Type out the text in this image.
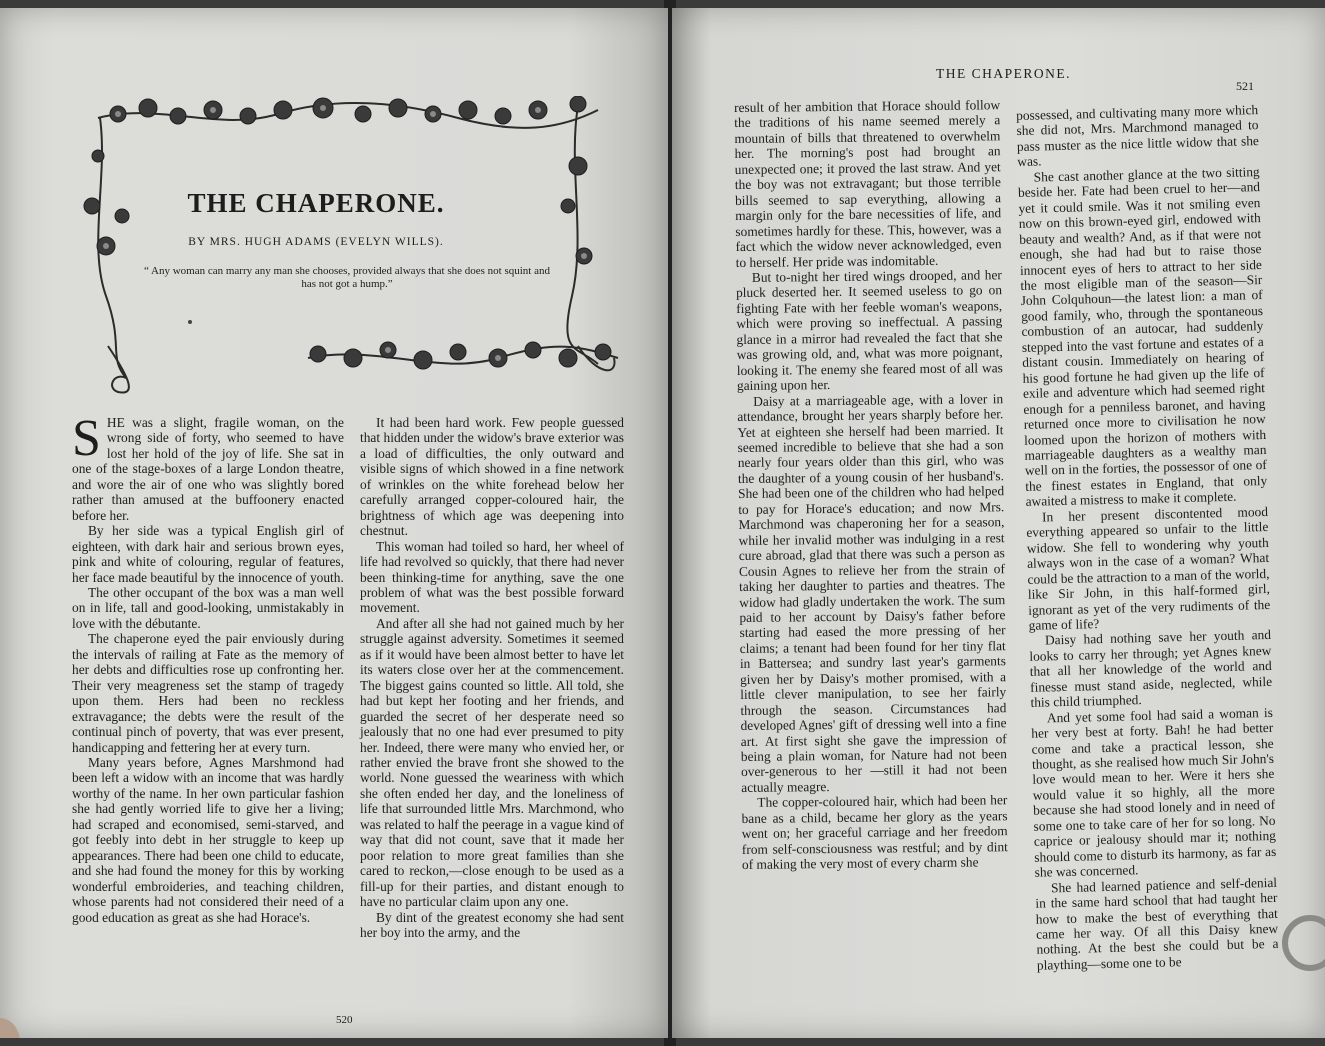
THE CHAPERONE.

BY MRS. HUGH ADAMS (EVELYN WILLS).

“ Any woman can marry any man she chooses, provided always that she does not squint and has not got a hump.”

SHE was a slight, fragile woman, on the wrong side of forty, who seemed to have lost her hold of the joy of life. She sat in one of the stage-boxes of a large London theatre, and wore the air of one who was slightly bored rather than amused at the buffoonery enacted before her.

By her side was a typical English girl of eighteen, with dark hair and serious brown eyes, pink and white of colouring, regular of features, her face made beautiful by the innocence of youth.

The other occupant of the box was a man well on in life, tall and good-looking, unmistakably in love with the débutante.

The chaperone eyed the pair enviously during the intervals of railing at Fate as the memory of her debts and difficulties rose up confronting her. Their very meagreness set the stamp of tragedy upon them. Hers had been no reckless extravagance; the debts were the result of the continual pinch of poverty, that was ever present, handicapping and fettering her at every turn.

Many years before, Agnes Marshmond had been left a widow with an income that was hardly worthy of the name. In her own particular fashion she had gently worried life to give her a living; had scraped and economised, semi-starved, and got feebly into debt in her struggle to keep up appearances. There had been one child to educate, and she had found the money for this by working wonderful embroideries, and teaching children, whose parents had not considered their need of a good education as great as she had Horace's.

It had been hard work. Few people guessed that hidden under the widow's brave exterior was a load of difficulties, the only outward and visible signs of which showed in a fine network of wrinkles on the white forehead below her carefully arranged copper-coloured hair, the brightness of which age was deepening into chestnut.

This woman had toiled so hard, her wheel of life had revolved so quickly, that there had never been thinking-time for anything, save the one problem of what was the best possible forward movement.

And after all she had not gained much by her struggle against adversity. Sometimes it seemed as if it would have been almost better to have let its waters close over her at the commencement. The biggest gains counted so little. All told, she had but kept her footing and her friends, and guarded the secret of her desperate need so jealously that no one had ever presumed to pity her. Indeed, there were many who envied her, or rather envied the brave front she showed to the world. None guessed the weariness with which she often ended her day, and the loneliness of life that surrounded little Mrs. Marchmond, who was related to half the peerage in a vague kind of way that did not count, save that it made her poor relation to more great families than she cared to reckon,—close enough to be used as a fill-up for their parties, and distant enough to have no particular claim upon any one.

By dint of the greatest economy she had sent her boy into the army, and the

520

THE CHAPERONE.

521

result of her ambition that Horace should follow the traditions of his name seemed merely a mountain of bills that threatened to overwhelm her. The morning's post had brought an unexpected one; it proved the last straw. And yet the boy was not extravagant; but those terrible bills seemed to sap everything, allowing a margin only for the bare necessities of life, and sometimes hardly for these. This, however, was a fact which the widow never acknowledged, even to herself. Her pride was indomitable.

But to-night her tired wings drooped, and her pluck deserted her. It seemed useless to go on fighting Fate with her feeble woman's weapons, which were proving so ineffectual. A passing glance in a mirror had revealed the fact that she was growing old, and, what was more poignant, looking it. The enemy she feared most of all was gaining upon her.

Daisy at a marriageable age, with a lover in attendance, brought her years sharply before her. Yet at eighteen she herself had been married. It seemed incredible to believe that she had a son nearly four years older than this girl, who was the daughter of a young cousin of her husband's. She had been one of the children who had helped to pay for Horace's education; and now Mrs. Marchmond was chaperoning her for a season, while her invalid mother was indulging in a rest cure abroad, glad that there was such a person as Cousin Agnes to relieve her from the strain of taking her daughter to parties and theatres. The widow had gladly undertaken the work. The sum paid to her account by Daisy's father before starting had eased the more pressing of her claims; a tenant had been found for her tiny flat in Battersea; and sundry last year's garments given her by Daisy's mother promised, with a little clever manipulation, to see her fairly through the season. Circumstances had developed Agnes' gift of dressing well into a fine art. At first sight she gave the impression of being a plain woman, for Nature had not been over-generous to her —still it had not been actually meagre.

The copper-coloured hair, which had been her bane as a child, became her glory as the years went on; her graceful carriage and her freedom from self-consciousness was restful; and by dint of making the very most of every charm she

possessed, and cultivating many more which she did not, Mrs. Marchmond managed to pass muster as the nice little widow that she was.

She cast another glance at the two sitting beside her. Fate had been cruel to her—and yet it could smile. Was it not smiling even now on this brown-eyed girl, endowed with beauty and wealth? And, as if that were not enough, she had had but to raise those innocent eyes of hers to attract to her side the most eligible man of the season—Sir John Colquhoun—the latest lion: a man of good family, who, through the spontaneous combustion of an autocar, had suddenly stepped into the vast fortune and estates of a distant cousin. Immediately on hearing of his good fortune he had given up the life of exile and adventure which had seemed right enough for a penniless baronet, and having returned once more to civilisation he now loomed upon the horizon of mothers with marriageable daughters as a wealthy man well on in the forties, the possessor of one of the finest estates in England, that only awaited a mistress to make it complete.

In her present discontented mood everything appeared so unfair to the little widow. She fell to wondering why youth always won in the case of a woman? What could be the attraction to a man of the world, like Sir John, in this half-formed girl, ignorant as yet of the very rudiments of the game of life?

Daisy had nothing save her youth and looks to carry her through; yet Agnes knew that all her knowledge of the world and finesse must stand aside, neglected, while this child triumphed.

And yet some fool had said a woman is her very best at forty. Bah! he had better come and take a practical lesson, she thought, as she realised how much Sir John's love would mean to her. Were it hers she would value it so highly, all the more because she had stood lonely and in need of some one to take care of her for so long. No caprice or jealousy should mar it; nothing should come to disturb its harmony, as far as she was concerned.

She had learned patience and self-denial in the same hard school that had taught her how to make the best of everything that came her way. Of all this Daisy knew nothing. At the best she could but be a plaything—some one to be
